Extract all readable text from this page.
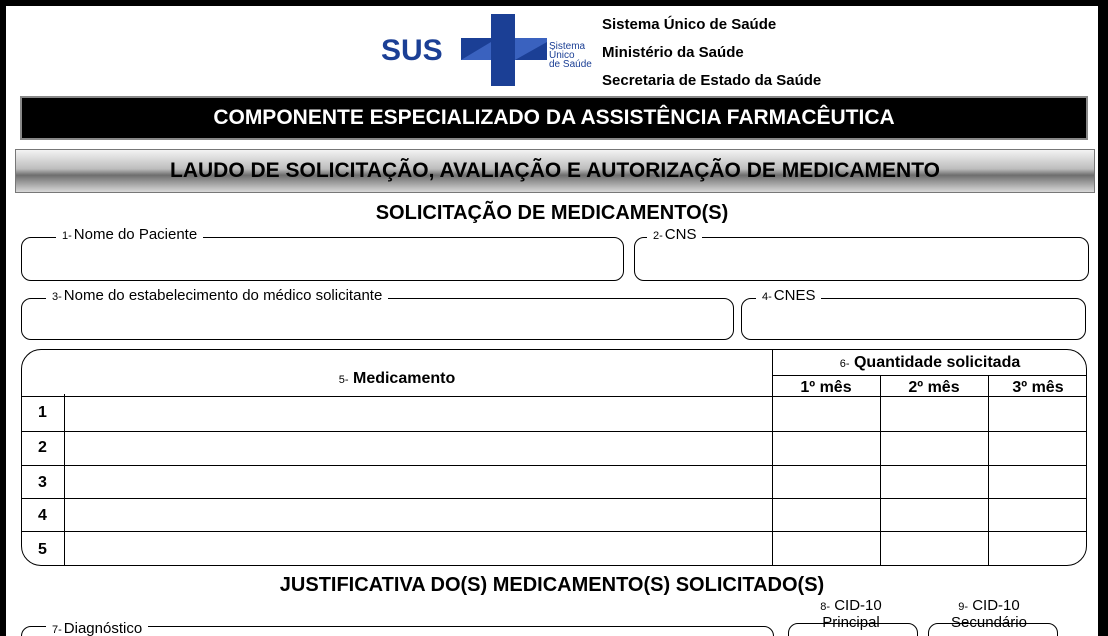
SUS	Sistema
Único
de Saúde
Sistema Único de Saúde
Ministério da Saúde
Secretaria de Estado da Saúde
COMPONENTE ESPECIALIZADO DA ASSISTÊNCIA FARMACÊUTICA
LAUDO DE SOLICITAÇÃO, AVALIAÇÃO E AUTORIZAÇÃO DE MEDICAMENTO
SOLICITAÇÃO DE MEDICAMENTO(S)
1- Nome do Paciente	2- CNS
3- Nome do estabelecimento do médico solicitante	4- CNES
5- Medicamento
6- Quantidade solicitada
1º mês	2º mês	3º mês
1
2
3
4
5
JUSTIFICATIVA DO(S) MEDICAMENTO(S) SOLICITADO(S)
7- Diagnóstico
8- CID-10
Principal
9- CID-10
Secundário
